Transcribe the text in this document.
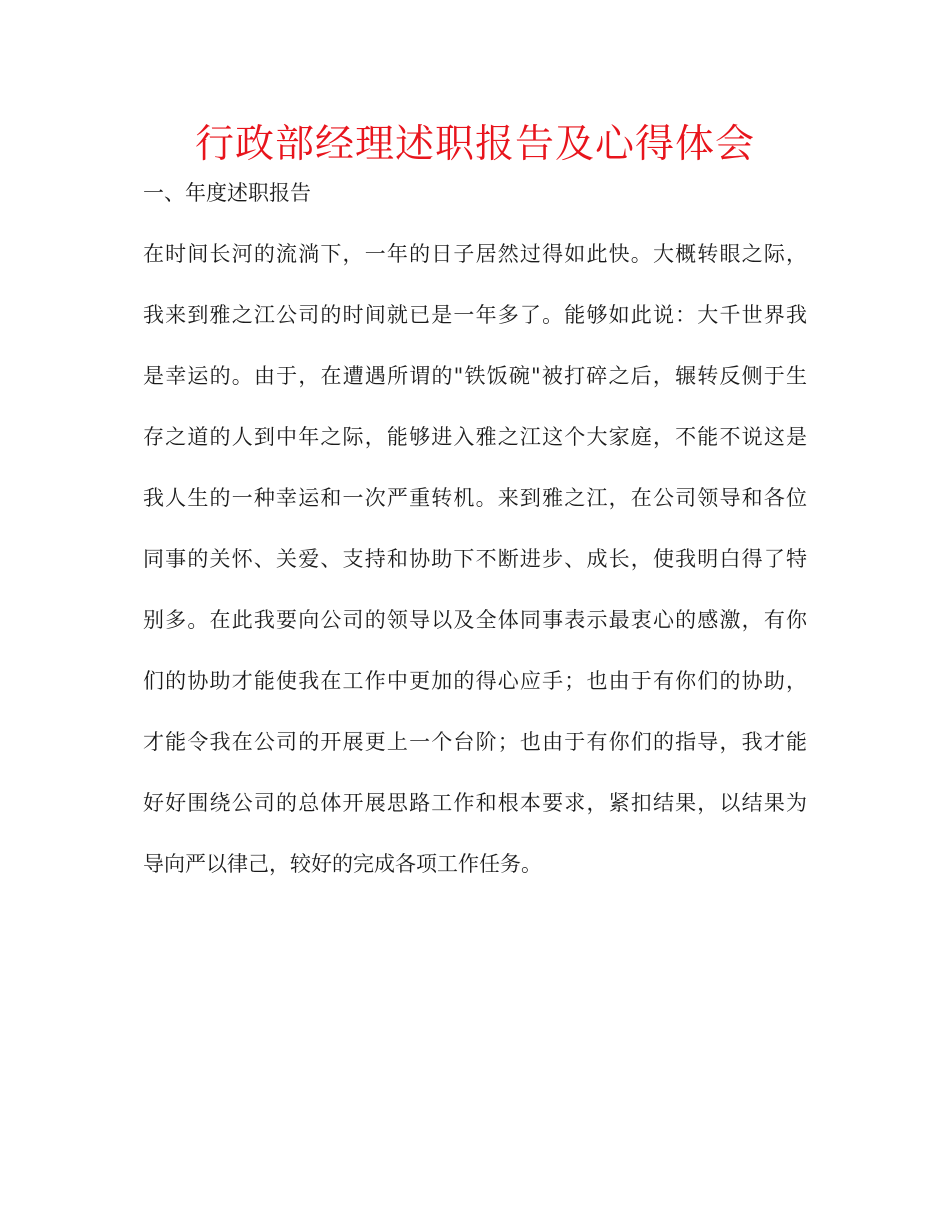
行政部经理述职报告及心得体会
一、年度述职报告
在时间长河的流淌下，一年的日子居然过得如此快。大概转眼之际，
我来到雅之江公司的时间就已是一年多了。能够如此说：大千世界我
是幸运的。由于，在遭遇所谓的"铁饭碗"被打碎之后，辗转反侧于生
存之道的人到中年之际，能够进入雅之江这个大家庭，不能不说这是
我人生的一种幸运和一次严重转机。来到雅之江，在公司领导和各位
同事的关怀、关爱、支持和协助下不断进步、成长，使我明白得了特
别多。在此我要向公司的领导以及全体同事表示最衷心的感激，有你
们的协助才能使我在工作中更加的得心应手；也由于有你们的协助，
才能令我在公司的开展更上一个台阶；也由于有你们的指导，我才能
好好围绕公司的总体开展思路工作和根本要求，紧扣结果，以结果为
导向严以律己，较好的完成各项工作任务。
